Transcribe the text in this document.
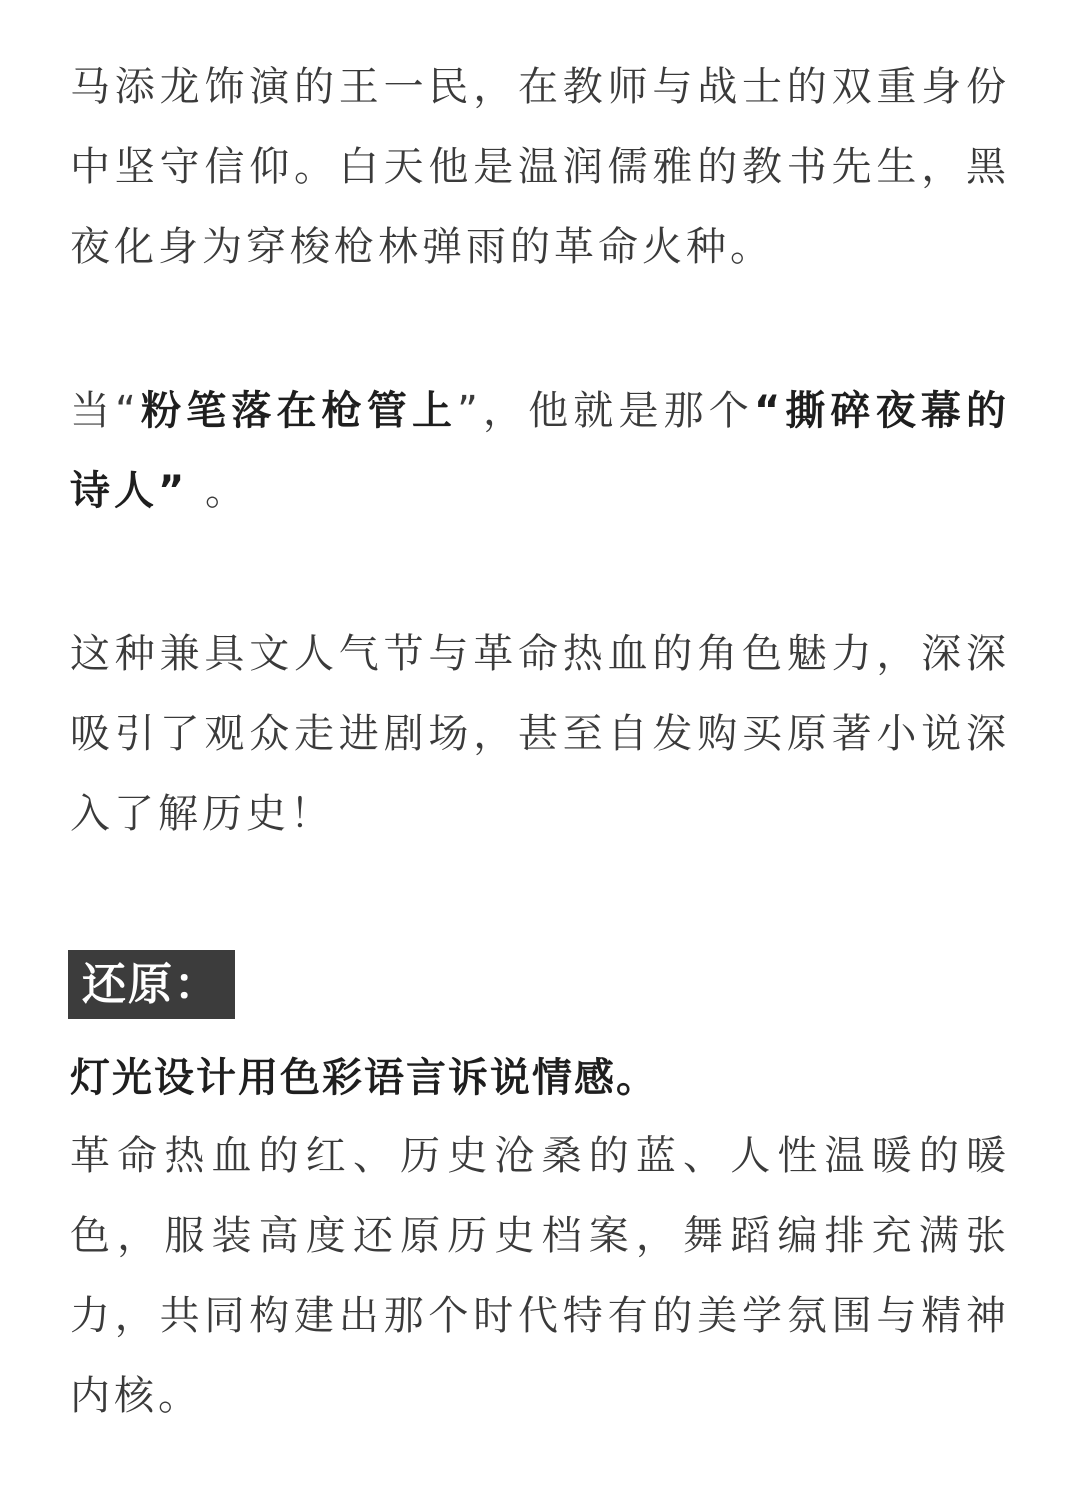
马添龙饰演的王一民，在教师与战士的双重身份
中坚守信仰。白天他是温润儒雅的教书先生，黑
夜化身为穿梭枪林弹雨的革命火种。
当“粉笔落在枪管上”，他就是那个“撕碎夜幕的
诗人” 。
这种兼具文人气节与革命热血的角色魅力，深深
吸引了观众走进剧场，甚至自发购买原著小说深
入了解历史！
还原：
灯光设计用色彩语言诉说情感。
革命热血的红、历史沧桑的蓝、人性温暖的暖
色，服装高度还原历史档案，舞蹈编排充满张
力，共同构建出那个时代特有的美学氛围与精神
内核。
